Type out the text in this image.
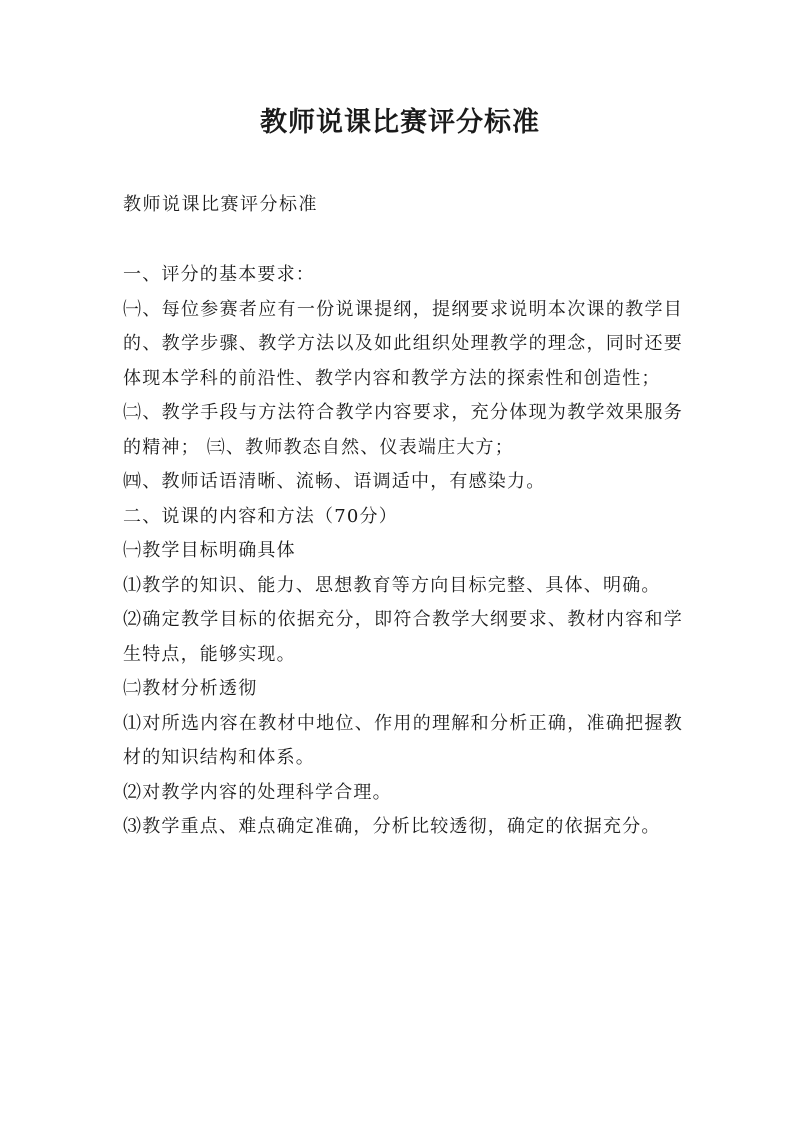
教师说课比赛评分标准

教师说课比赛评分标准

一、评分的基本要求：

㈠、每位参赛者应有一份说课提纲，提纲要求说明本次课的教学目的、教学步骤、教学方法以及如此组织处理教学的理念，同时还要体现本学科的前沿性、教学内容和教学方法的探索性和创造性；

㈡、教学手段与方法符合教学内容要求，充分体现为教学效果服务的精神； ㈢、教师教态自然、仪表端庄大方；

㈣、教师话语清晰、流畅、语调适中，有感染力。

二、说课的内容和方法（70分）

㈠教学目标明确具体

⑴教学的知识、能力、思想教育等方向目标完整、具体、明确。

⑵确定教学目标的依据充分，即符合教学大纲要求、教材内容和学生特点，能够实现。

㈡教材分析透彻

⑴对所选内容在教材中地位、作用的理解和分析正确，准确把握教材的知识结构和体系。

⑵对教学内容的处理科学合理。

⑶教学重点、难点确定准确，分析比较透彻，确定的依据充分。
